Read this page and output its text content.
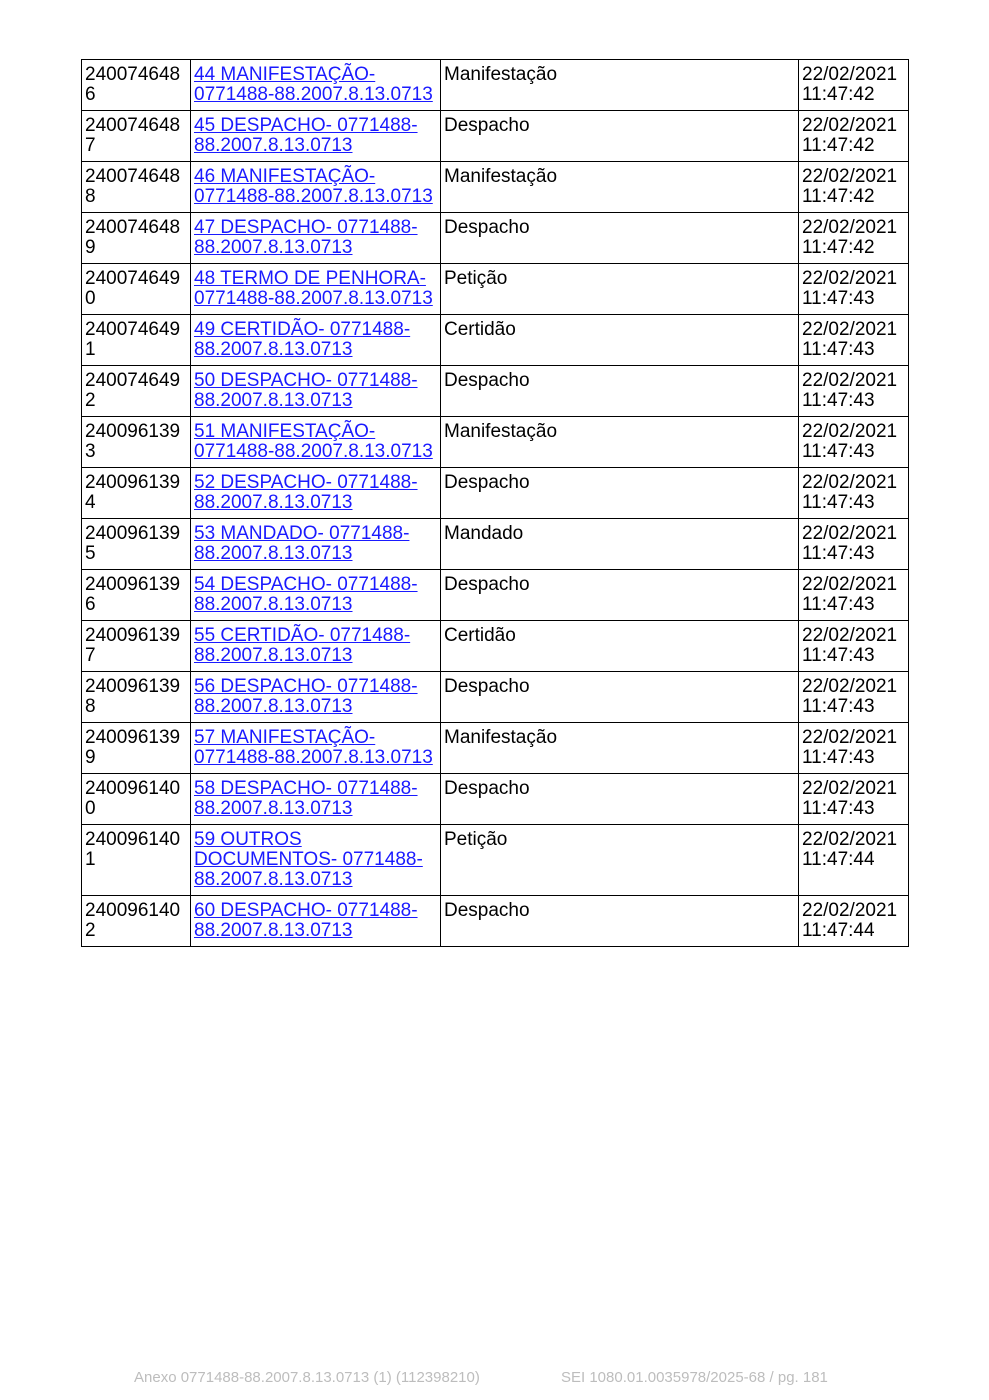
2400746486	44 MANIFESTAÇÃO- 0771488-88.2007.8.13.0713	Manifestação	22/02/2021
11:47:42
2400746487	45 DESPACHO- 0771488-88.2007.8.13.0713	Despacho	22/02/2021
11:47:42
2400746488	46 MANIFESTAÇÃO- 0771488-88.2007.8.13.0713	Manifestação	22/02/2021
11:47:42
2400746489	47 DESPACHO- 0771488-88.2007.8.13.0713	Despacho	22/02/2021
11:47:42
2400746490	48 TERMO DE PENHORA- 0771488-88.2007.8.13.0713	Petição	22/02/2021
11:47:43
2400746491	49 CERTIDÃO- 0771488-88.2007.8.13.0713	Certidão	22/02/2021
11:47:43
2400746492	50 DESPACHO- 0771488-88.2007.8.13.0713	Despacho	22/02/2021
11:47:43
2400961393	51 MANIFESTAÇÃO- 0771488-88.2007.8.13.0713	Manifestação	22/02/2021
11:47:43
2400961394	52 DESPACHO- 0771488-88.2007.8.13.0713	Despacho	22/02/2021
11:47:43
2400961395	53 MANDADO- 0771488-88.2007.8.13.0713	Mandado	22/02/2021
11:47:43
2400961396	54 DESPACHO- 0771488-88.2007.8.13.0713	Despacho	22/02/2021
11:47:43
2400961397	55 CERTIDÃO- 0771488-88.2007.8.13.0713	Certidão	22/02/2021
11:47:43
2400961398	56 DESPACHO- 0771488-88.2007.8.13.0713	Despacho	22/02/2021
11:47:43
2400961399	57 MANIFESTAÇÃO- 0771488-88.2007.8.13.0713	Manifestação	22/02/2021
11:47:43
2400961400	58 DESPACHO- 0771488-88.2007.8.13.0713	Despacho	22/02/2021
11:47:43
2400961401	59 OUTROS DOCUMENTOS- 0771488-88.2007.8.13.0713	Petição	22/02/2021
11:47:44
2400961402	60 DESPACHO- 0771488-88.2007.8.13.0713	Despacho	22/02/2021
11:47:44
Anexo 0771488-88.2007.8.13.0713 (1) (112398210)	SEI 1080.01.0035978/2025-68 / pg. 181
